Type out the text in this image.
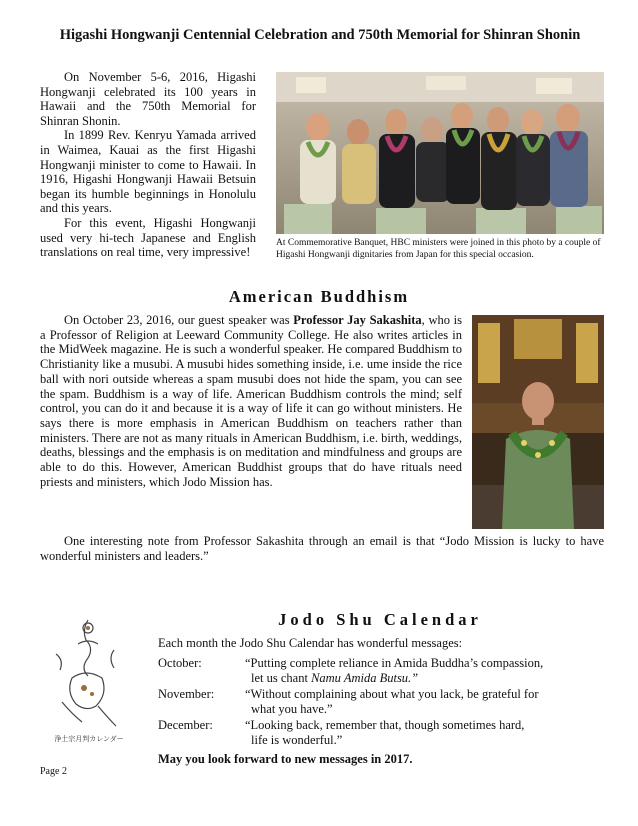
Higashi Hongwanji Centennial Celebration and 750th Memorial for Shinran Shonin

On November 5-6, 2016, Higashi Hongwanji celebrated its 100 years in Hawaii and the 750th Memorial for Shinran Shonin.

In 1899 Rev. Kenryu Yamada arrived in Waimea, Kauai as the first Higashi Hongwanji minister to come to Hawaii. In 1916, Higashi Hongwanji Hawaii Betsuin began its humble beginnings in Honolulu and this years.

For this event, Higashi Hongwanji used very hi-tech Japanese and English translations on real time, very impressive!

At Commemorative Banquet, HBC ministers were joined in this photo by a couple of Higashi Hongwanji dignitaries from Japan for this special occasion.
American Buddhism

On October 23, 2016, our guest speaker was Professor Jay Sakashita, who is a Professor of Religion at Leeward Community College. He also writes articles in the MidWeek magazine. He is such a wonderful speaker. He compared Buddhism to Christianity like a musubi. A musubi hides something inside, i.e. ume inside the rice ball with nori outside whereas a spam musubi does not hide the spam, you can see the spam. Buddhism is a way of life. American Buddhism controls the mind; self control, you can do it and because it is a way of life it can go without ministers. He says there is more emphasis in American Buddhism on teachers rather than ministers. There are not as many rituals in American Buddhism, i.e. birth, weddings, deaths, blessings and the emphasis is on meditation and mindfulness and groups are able to do this. However, American Buddhist groups that do have rituals need priests and ministers, which Jodo Mission has.

One interesting note from Professor Sakashita through an email is that “Jodo Mission is lucky to have wonderful ministers and leaders.”

浄土宗月判カレンダー
Jodo Shu Calendar
Each month the Jodo Shu Calendar has wonderful messages:
October:	“Putting complete reliance in Amida Buddha’s compassion,
let us chant Namu Amida Butsu.”
November:	“Without complaining about what you lack, be grateful for
what you have.”
December:	“Looking back, remember that, though sometimes hard,
life is wonderful.”
May you look forward to new messages in 2017.
Page 2
